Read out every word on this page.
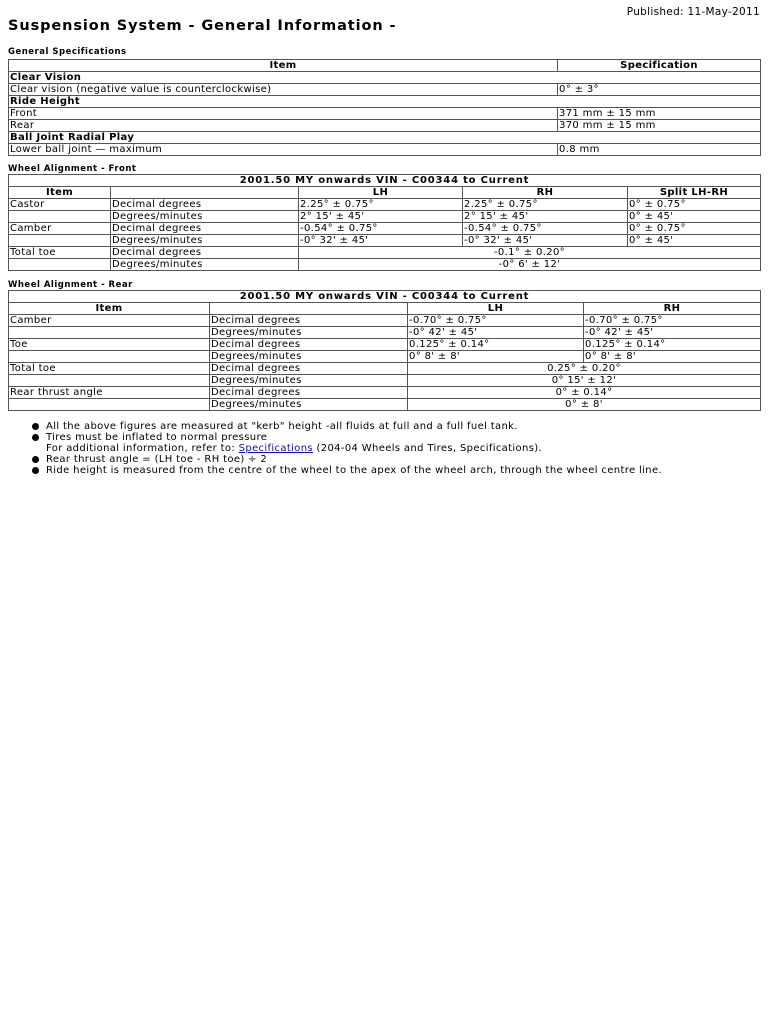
Published: 11-May-2011
Suspension System - General Information -
General Specifications
Item	Specification
Clear Vision	
Clear vision (negative value is counterclockwise)	0° ± 3°
Ride Height	
Front	371 mm ± 15 mm
Rear	370 mm ± 15 mm
Ball Joint Radial Play	
Lower ball joint — maximum	0.8 mm
Wheel Alignment - Front
2001.50 MY onwards VIN - C00344 to Current				
Item		LH	RH	Split LH-RH
Castor	Decimal degrees	2.25° ± 0.75°	2.25° ± 0.75°	0° ± 0.75°
	Degrees/minutes	2° 15' ± 45'	2° 15' ± 45'	0° ± 45'
Camber	Decimal degrees	-0.54° ± 0.75°	-0.54° ± 0.75°	0° ± 0.75°
	Degrees/minutes	-0° 32' ± 45'	-0° 32' ± 45'	0° ± 45'
Total toe	Decimal degrees	-0.1° ± 0.20°		
	Degrees/minutes	-0° 6' ± 12'		
Wheel Alignment - Rear
2001.50 MY onwards VIN - C00344 to Current			
Item		LH	RH
Camber	Decimal degrees	-0.70° ± 0.75°	-0.70° ± 0.75°
	Degrees/minutes	-0° 42' ± 45'	-0° 42' ± 45'
Toe	Decimal degrees	0.125° ± 0.14°	0.125° ± 0.14°
	Degrees/minutes	0° 8' ± 8'	0° 8' ± 8'
Total toe	Decimal degrees	0.25° ± 0.20°	
	Degrees/minutes	0° 15' ± 12'	
Rear thrust angle	Decimal degrees	0° ± 0.14°	
	Degrees/minutes	0° ± 8'	
All the above figures are measured at "kerb" height -all fluids at full and a full fuel tank.
Tires must be inflated to normal pressure
For additional information, refer to: Specifications (204-04 Wheels and Tires, Specifications).
Rear thrust angle = (LH toe - RH toe) ÷ 2
Ride height is measured from the centre of the wheel to the apex of the wheel arch, through the wheel centre line.
